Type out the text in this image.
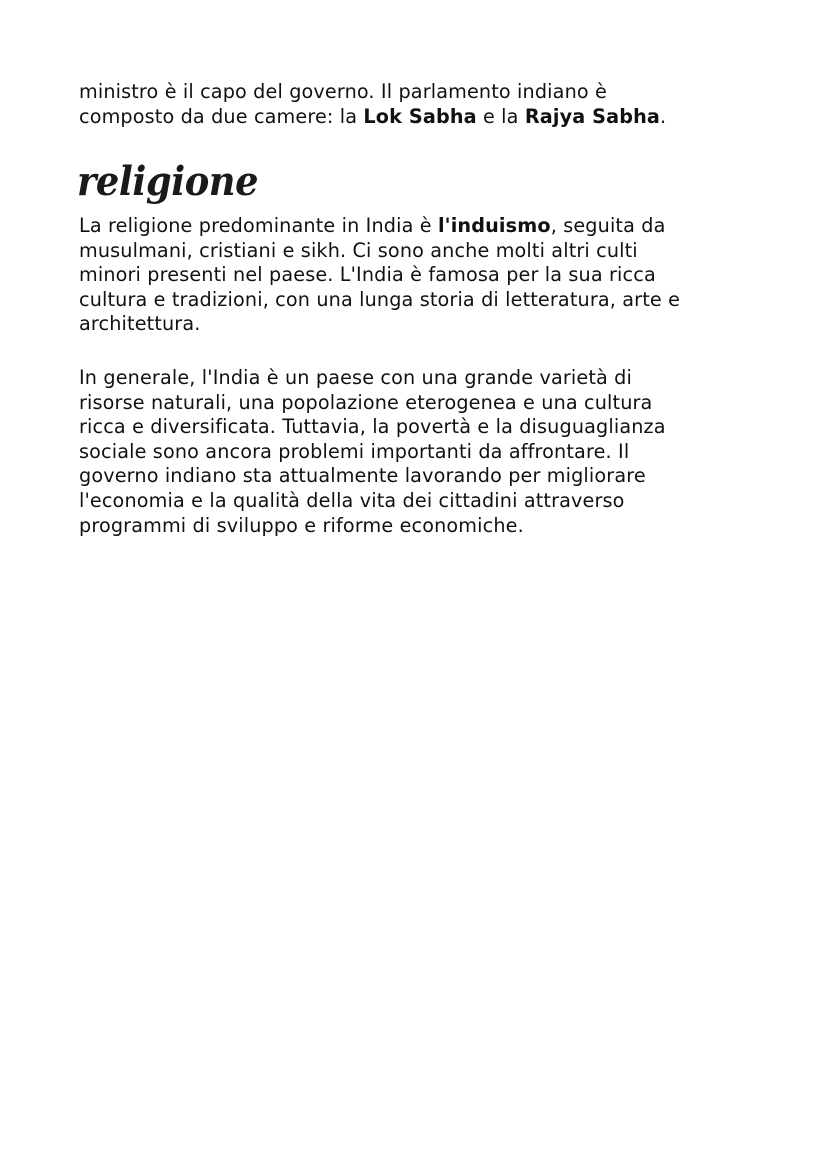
ministro è il capo del governo. Il parlamento indiano è
composto da due camere: la Lok Sabha e la Rajya Sabha.

religione

La religione predominante in India è l'induismo, seguita da
musulmani, cristiani e sikh. Ci sono anche molti altri culti
minori presenti nel paese. L'India è famosa per la sua ricca
cultura e tradizioni, con una lunga storia di letteratura, arte e
architettura.

In generale, l'India è un paese con una grande varietà di
risorse naturali, una popolazione eterogenea e una cultura
ricca e diversificata. Tuttavia, la povertà e la disuguaglianza
sociale sono ancora problemi importanti da affrontare. Il
governo indiano sta attualmente lavorando per migliorare
l'economia e la qualità della vita dei cittadini attraverso
programmi di sviluppo e riforme economiche.
